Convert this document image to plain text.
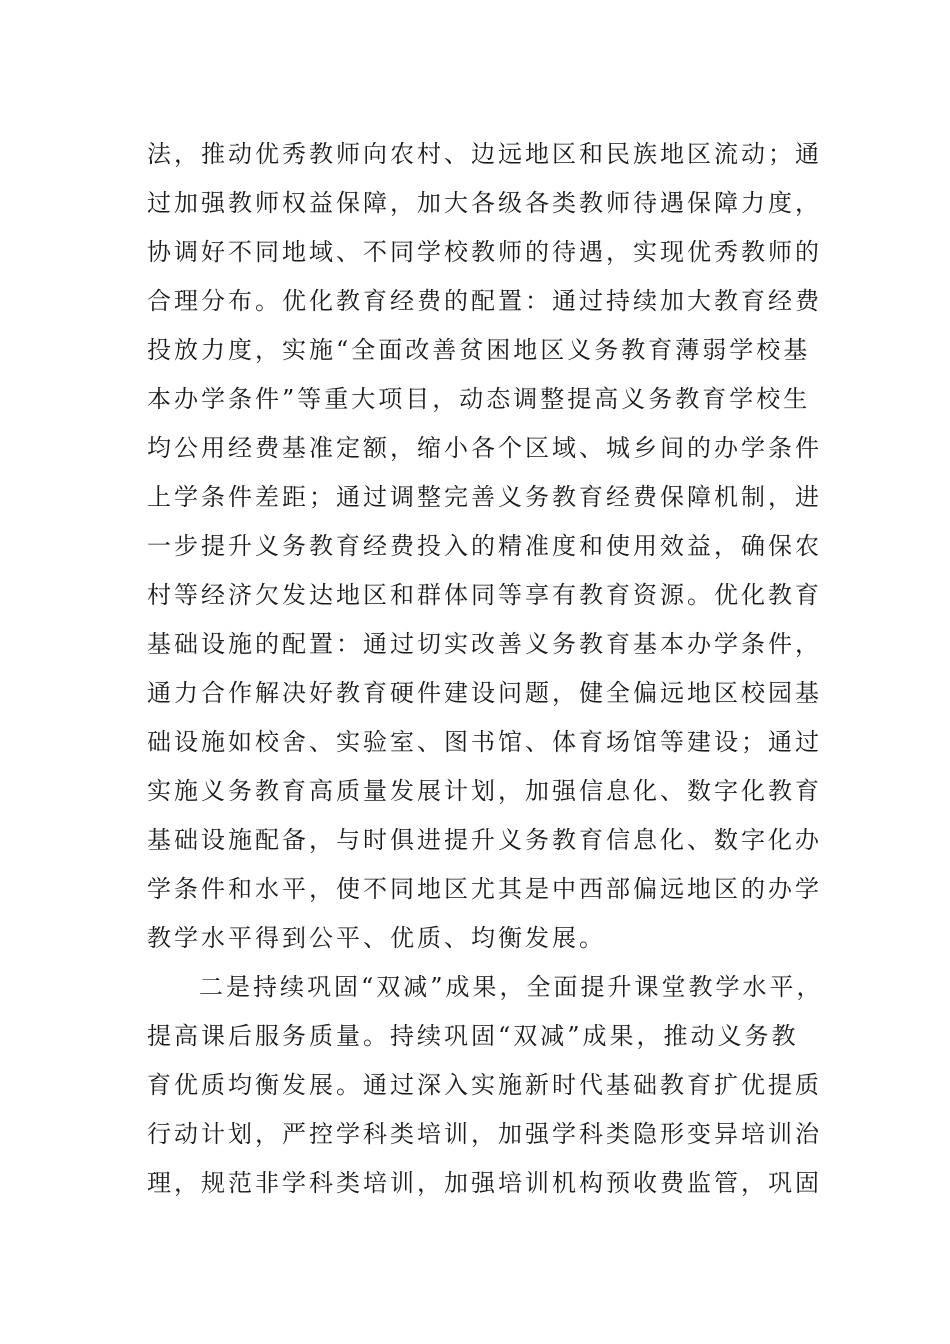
法，推动优秀教师向农村、边远地区和民族地区流动；通
过加强教师权益保障，加大各级各类教师待遇保障力度，
协调好不同地域、不同学校教师的待遇，实现优秀教师的
合理分布。优化教育经费的配置：通过持续加大教育经费
投放力度，实施“全面改善贫困地区义务教育薄弱学校基
本办学条件”等重大项目，动态调整提高义务教育学校生
均公用经费基准定额，缩小各个区域、城乡间的办学条件
上学条件差距；通过调整完善义务教育经费保障机制，进
一步提升义务教育经费投入的精准度和使用效益，确保农
村等经济欠发达地区和群体同等享有教育资源。优化教育
基础设施的配置：通过切实改善义务教育基本办学条件，
通力合作解决好教育硬件建设问题，健全偏远地区校园基
础设施如校舍、实验室、图书馆、体育场馆等建设；通过
实施义务教育高质量发展计划，加强信息化、数字化教育
基础设施配备，与时俱进提升义务教育信息化、数字化办
学条件和水平，使不同地区尤其是中西部偏远地区的办学
教学水平得到公平、优质、均衡发展。
二是持续巩固“双减”成果，全面提升课堂教学水平，
提高课后服务质量。持续巩固“双减”成果，推动义务教
育优质均衡发展。通过深入实施新时代基础教育扩优提质
行动计划，严控学科类培训，加强学科类隐形变异培训治
理，规范非学科类培训，加强培训机构预收费监管，巩固
